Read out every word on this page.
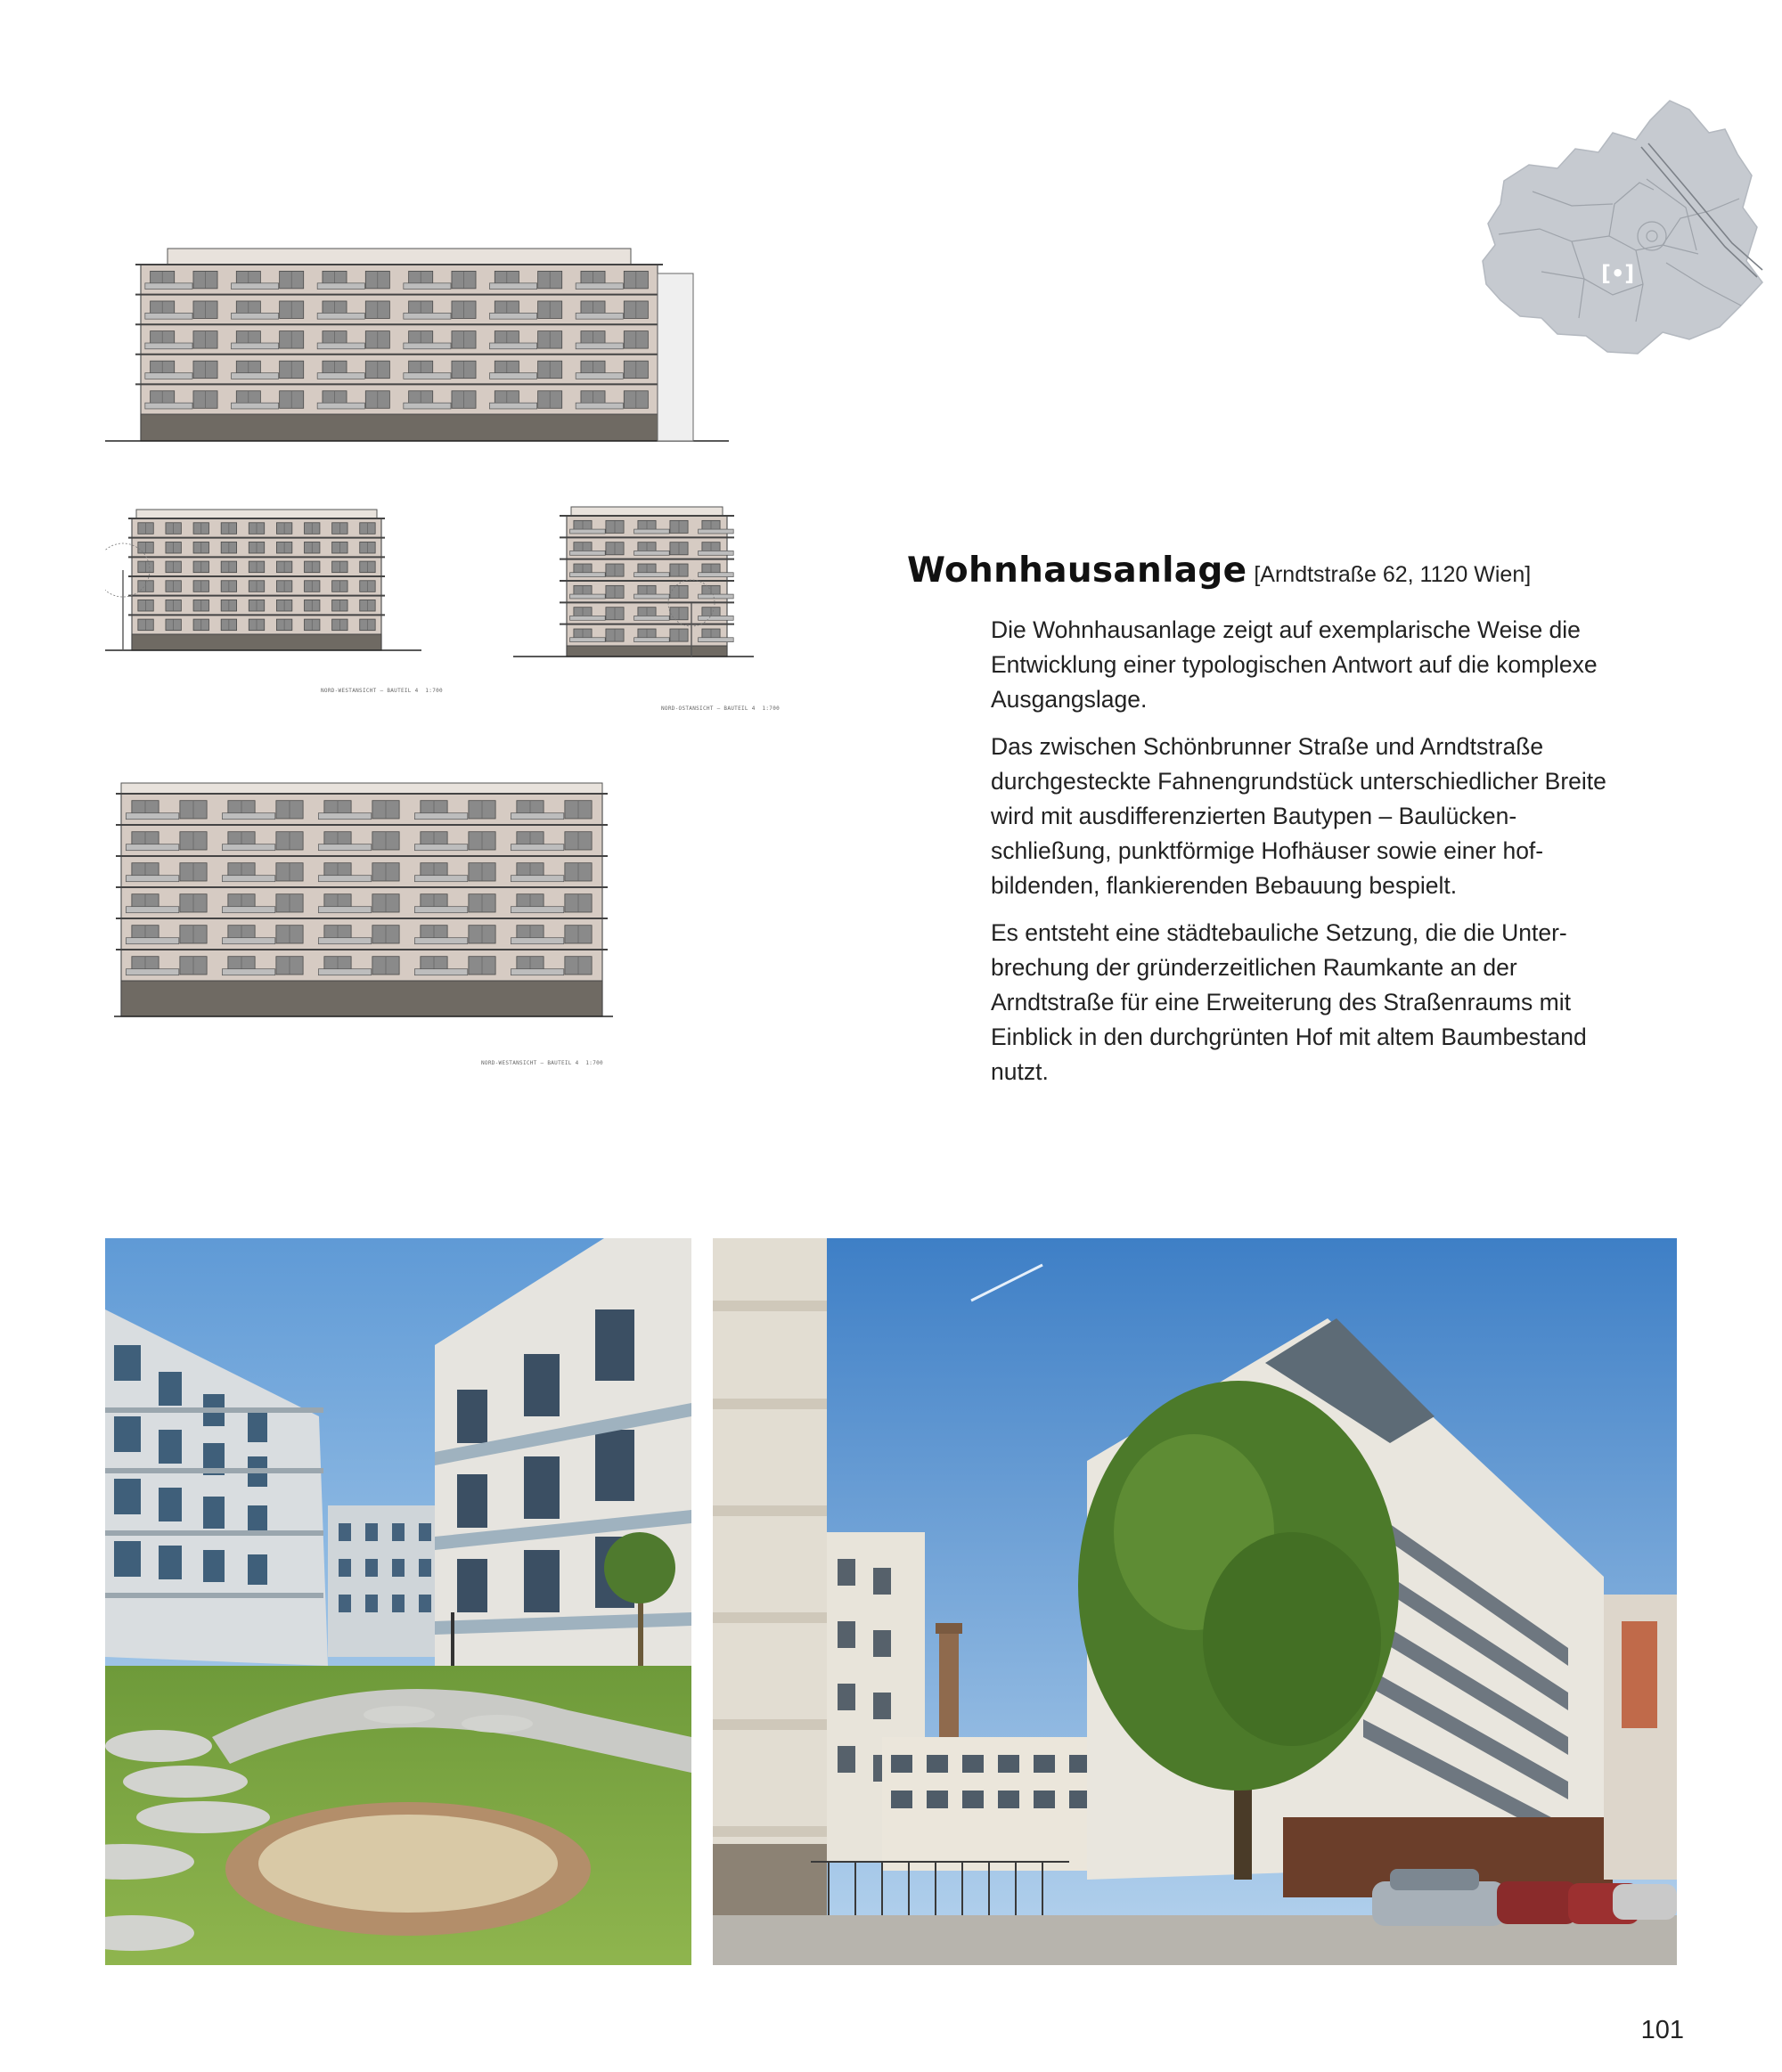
[•]
NORD-WESTANSICHT – BAUTEIL 4 1:700
NORD-OSTANSICHT – BAUTEIL 4 1:700
NORD-WESTANSICHT – BAUTEIL 4 1:700
Wohnhausanlage [Arndtstraße 62, 1120 Wien]

Die Wohnhausanlage zeigt auf exemplarische Weise die Entwicklung einer typologischen Antwort auf die komplexe Ausgangslage.

Das zwischen Schönbrunner Straße und Arndtstraße durchgesteckte Fahnengrundstück unterschiedlicher Breite wird mit ausdifferenzierten Bautypen – Baulücken-schließung, punktförmige Hofhäuser sowie einer hof-bildenden, flankierenden Bebauung bespielt.

Es entsteht eine städtebauliche Setzung, die die Unter-brechung der gründerzeitlichen Raumkante an der Arndtstraße für eine Erweiterung des Straßenraums mit Einblick in den durchgrünten Hof mit altem Baumbestand nutzt.

101
